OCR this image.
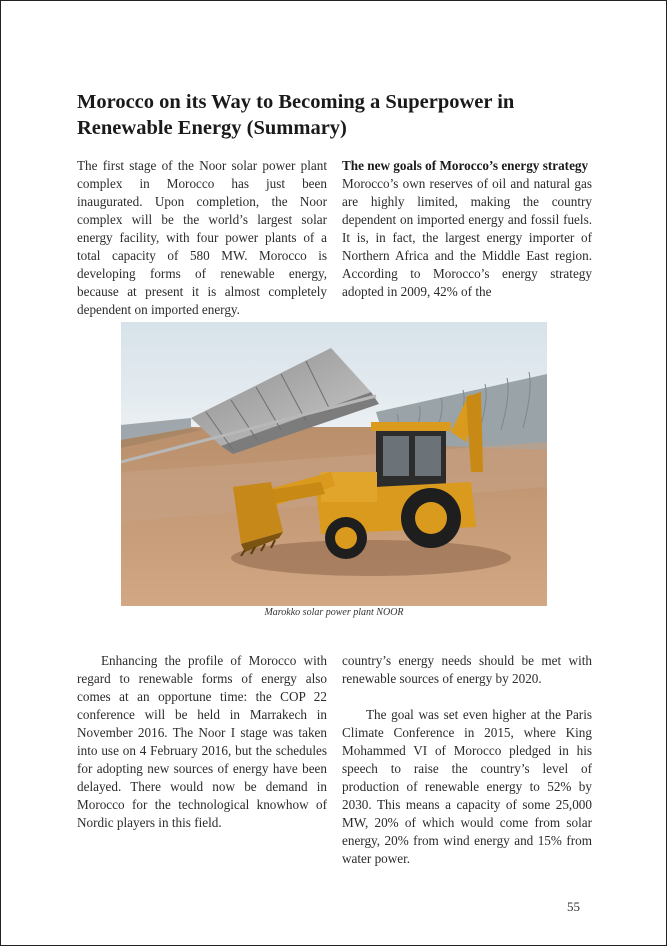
Morocco on its Way to Becoming a Superpower in Renewable Energy (Summary)

The first stage of the Noor solar power plant complex in Morocco has just been inaugurated. Upon completion, the Noor complex will be the world’s largest solar energy facility, with four power plants of a total capacity of 580 MW. Morocco is developing forms of renewable energy, because at present it is almost completely dependent on imported energy.

The new goals of Morocco’s energy strategy

Morocco’s own reserves of oil and natural gas are highly limited, making the country dependent on imported energy and fossil fuels. It is, in fact, the largest energy importer of Northern Africa and the Middle East region. According to Morocco’s energy strategy adopted in 2009, 42% of the

Marokko solar power plant NOOR

Enhancing the profile of Morocco with regard to renewable forms of energy also comes at an opportune time: the COP 22 conference will be held in Marrakech in November 2016. The Noor I stage was taken into use on 4 February 2016, but the schedules for adopting new sources of energy have been delayed. There would now be demand in Morocco for the technological knowhow of Nordic players in this field.

country’s energy needs should be met with renewable sources of energy by 2020.

The goal was set even higher at the Paris Climate Conference in 2015, where King Mohammed VI of Morocco pledged in his speech to raise the country’s level of production of renewable energy to 52% by 2030. This means a capacity of some 25,000 MW, 20% of which would come from solar energy, 20% from wind energy and 15% from water power.

55
